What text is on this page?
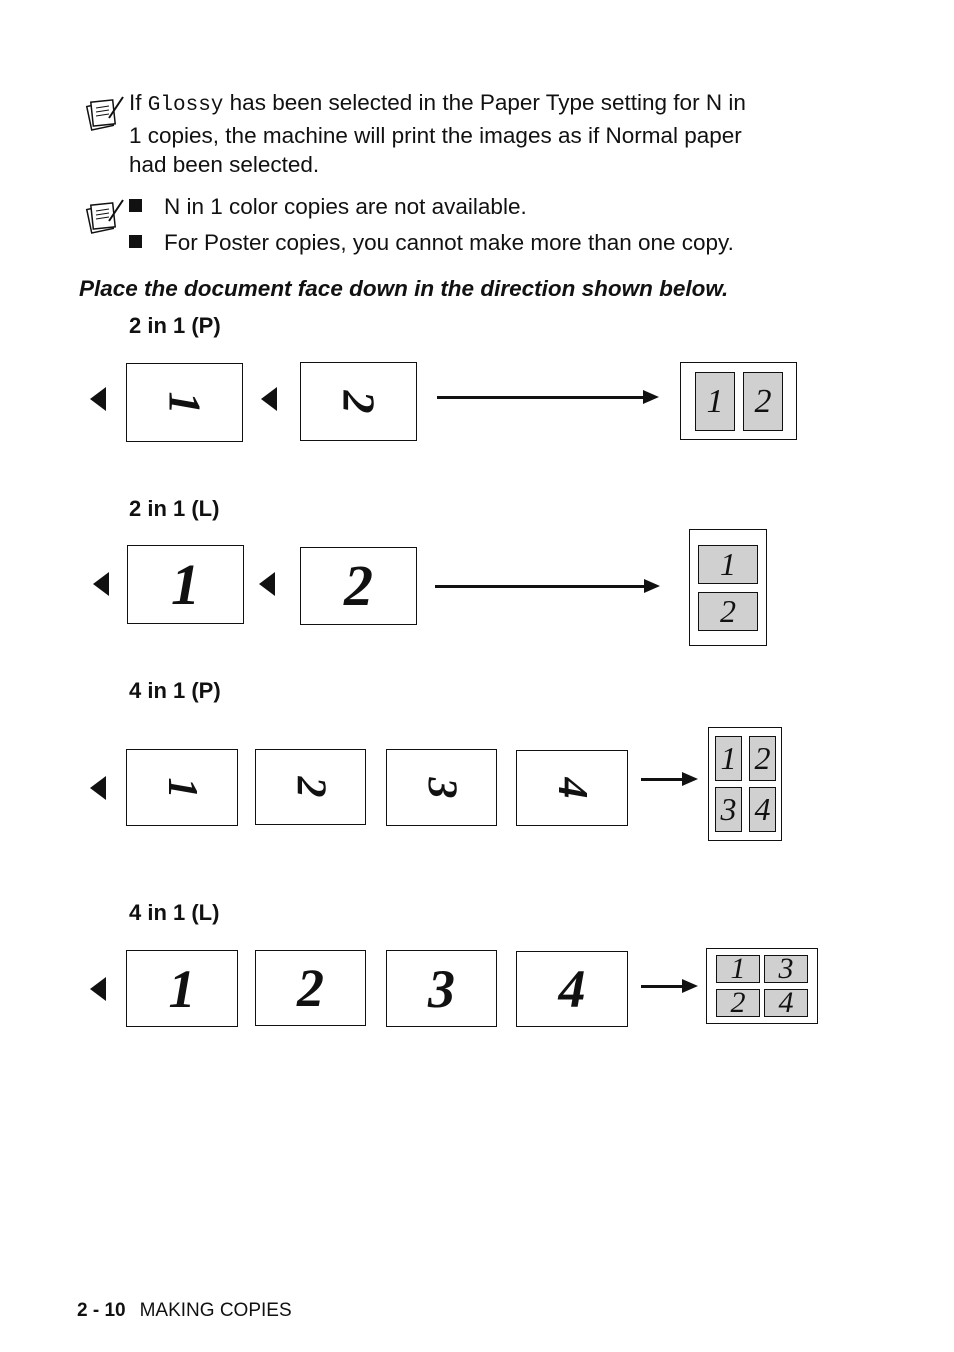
If Glossy has been selected in the Paper Type setting for N in
1 copies, the machine will print the images as if Normal paper
had been selected.
N in 1 color copies are not available.
For Poster copies, you cannot make more than one copy.
Place the document face down in the direction shown below.
2 in 1 (P)
1	2	1 2
2 in 1 (L)
1	2	1
2
4 in 1 (P)
1 2 3 4
1 2
3 4
4 in 1 (L)
1	2	3	4	1	3
2	4
2 - 10 MAKING COPIES
